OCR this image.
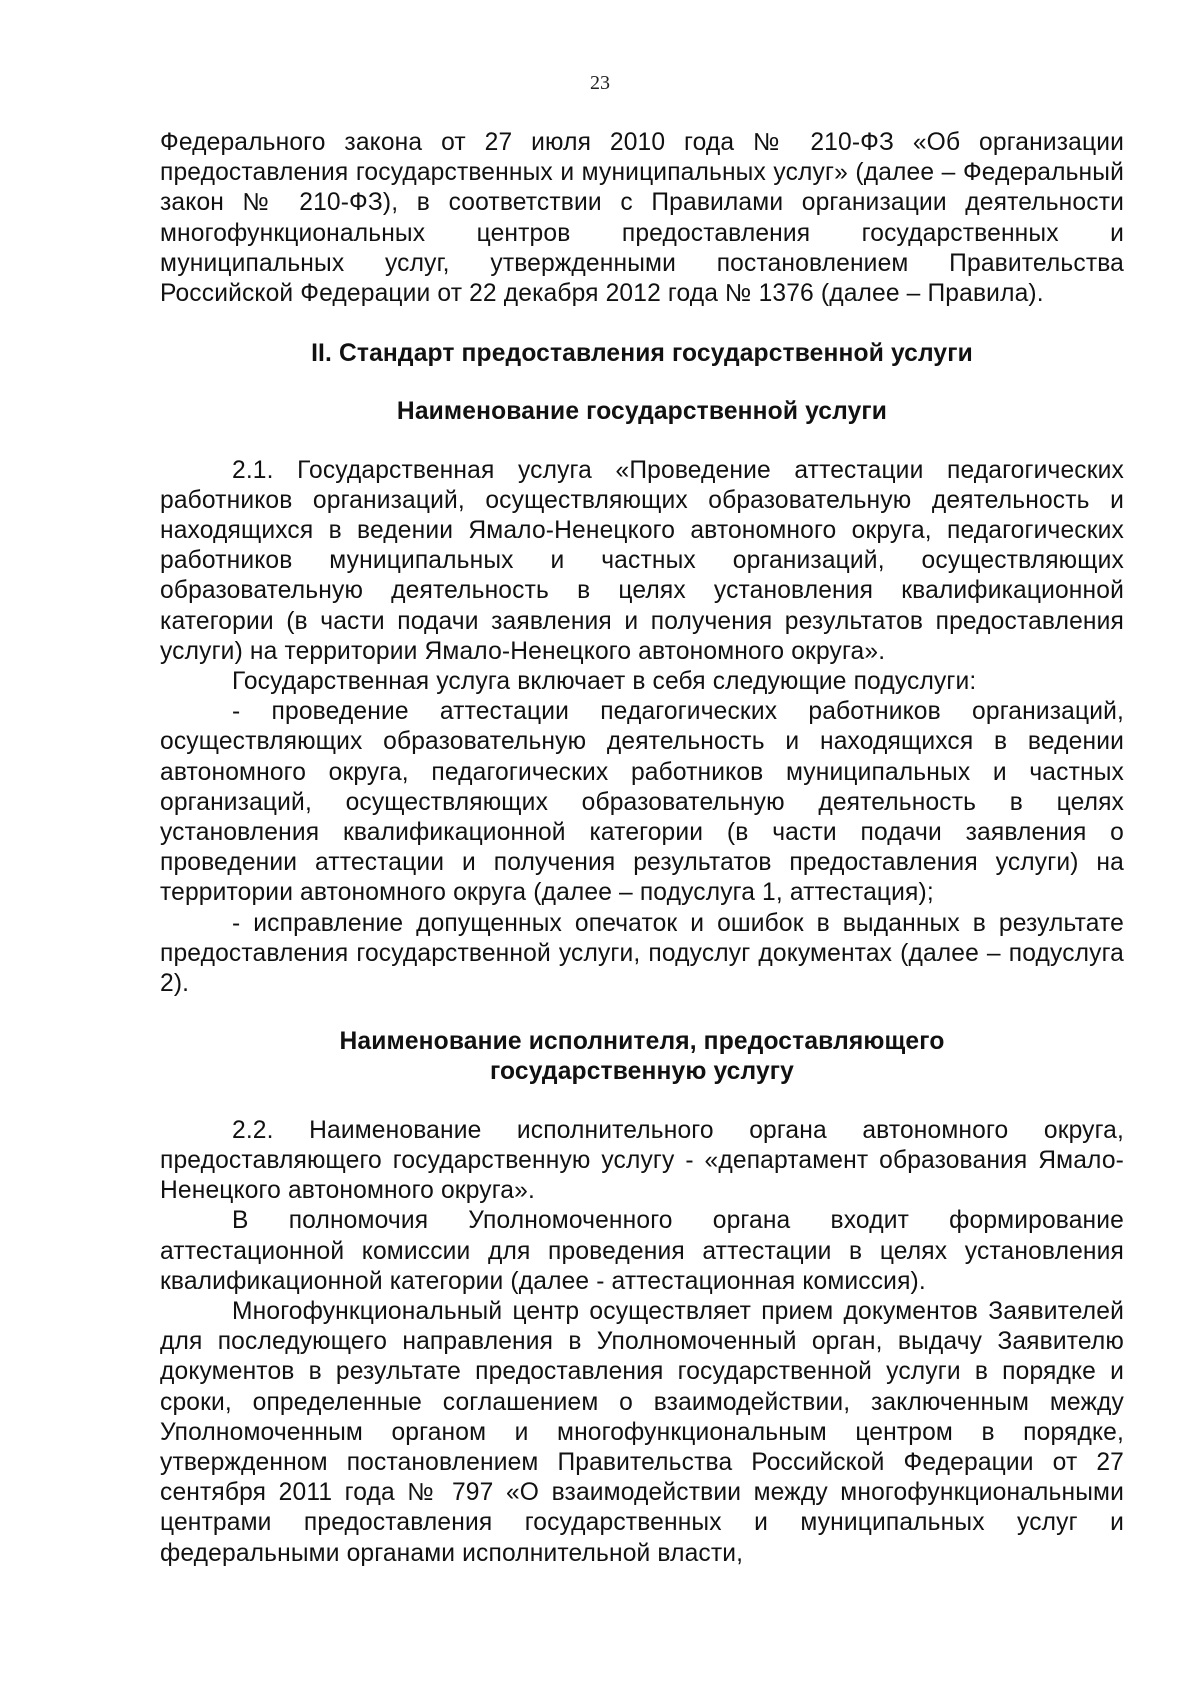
23

Федерального закона от 27 июля 2010 года № 210-ФЗ «Об организации предоставления государственных и муниципальных услуг» (далее – Федеральный закон № 210-ФЗ), в соответствии с Правилами организации деятельности многофункциональных центров предоставления государственных и муниципальных услуг, утвержденными постановлением Правительства Российской Федерации от 22 декабря 2012 года № 1376 (далее – Правила).

II. Стандарт предоставления государственной услуги

Наименование государственной услуги

2.1. Государственная услуга «Проведение аттестации педагогических работников организаций, осуществляющих образовательную деятельность и находящихся в ведении Ямало-Ненецкого автономного округа, педагогических работников муниципальных и частных организаций, осуществляющих образовательную деятельность в целях установления квалификационной категории (в части подачи заявления и получения результатов предоставления услуги) на территории Ямало-Ненецкого автономного округа».

Государственная услуга включает в себя следующие подуслуги:

- проведение аттестации педагогических работников организаций, осуществляющих образовательную деятельность и находящихся в ведении автономного округа, педагогических работников муниципальных и частных организаций, осуществляющих образовательную деятельность в целях установления квалификационной категории (в части подачи заявления о проведении аттестации и получения результатов предоставления услуги) на территории автономного округа (далее – подуслуга 1, аттестация);

- исправление допущенных опечаток и ошибок в выданных в результате предоставления государственной услуги, подуслуг документах (далее – подуслуга 2).

Наименование исполнителя, предоставляющего

государственную услугу

2.2. Наименование исполнительного органа автономного округа, предоставляющего государственную услугу - «департамент образования Ямало-Ненецкого автономного округа».

В полномочия Уполномоченного органа входит формирование аттестационной комиссии для проведения аттестации в целях установления квалификационной категории (далее - аттестационная комиссия).

Многофункциональный центр осуществляет прием документов Заявителей для последующего направления в Уполномоченный орган, выдачу Заявителю документов в результате предоставления государственной услуги в порядке и сроки, определенные соглашением о взаимодействии, заключенным между Уполномоченным органом и многофункциональным центром в порядке, утвержденном постановлением Правительства Российской Федерации от 27 сентября 2011 года № 797 «О взаимодействии между многофункциональными центрами предоставления государственных и муниципальных услуг и федеральными органами исполнительной власти,
